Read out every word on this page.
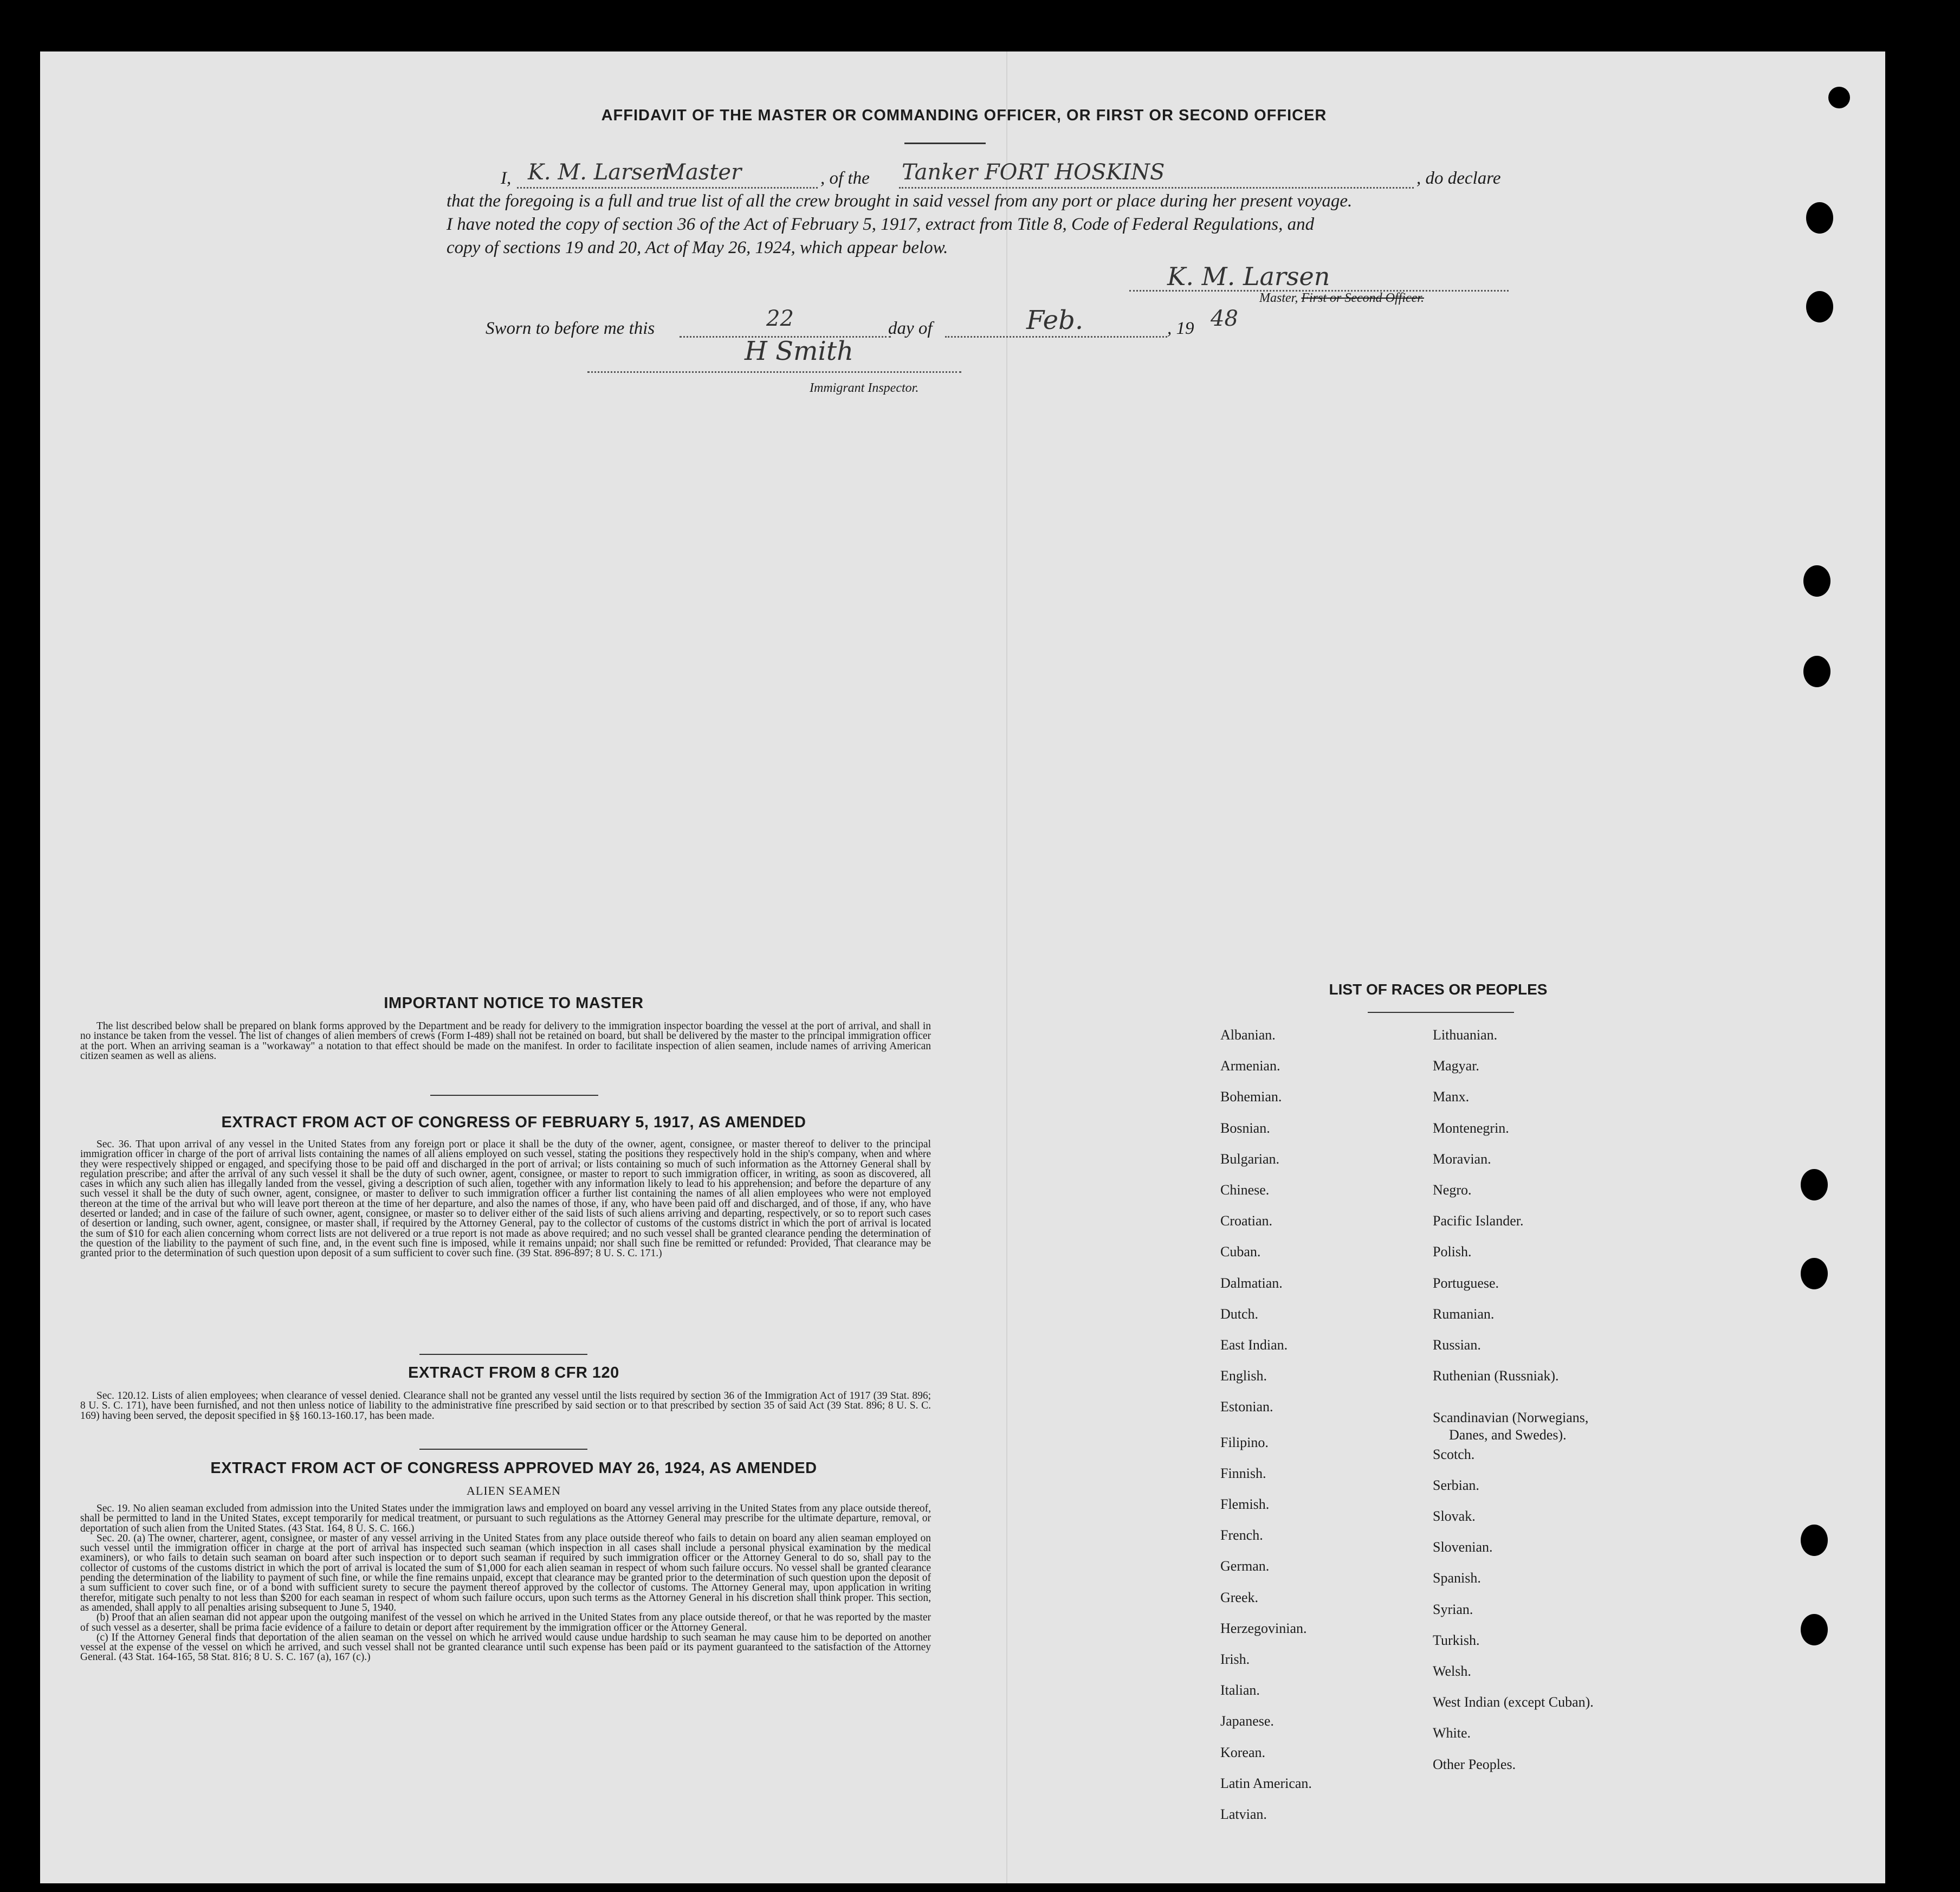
AFFIDAVIT OF THE MASTER OR COMMANDING OFFICER, OR FIRST OR SECOND OFFICER
I, K. M. Larsen
Master	, of the Tanker FORT HOSKINS	, do declare
that the foregoing is a full and true list of all the crew brought in said vessel from any port or place during her present voyage.
I have noted the copy of section 36 of the Act of February 5, 1917, extract from Title 8, Code of Federal Regulations, and
copy of sections 19 and 20, Act of May 26, 1924, which appear below.
K. M. Larsen
Master, First or Second Officer.
Sworn to before me this	22	day of	Feb.	, 19 48
H Smith
Immigrant Inspector.
IMPORTANT NOTICE TO MASTER

The list described below shall be prepared on blank forms approved by the Department and be ready for delivery to the immigration inspector boarding the vessel at the port of arrival, and shall in no instance be taken from the vessel. The list of changes of alien members of crews (Form I-489) shall not be retained on board, but shall be delivered by the master to the principal immigration officer at the port. When an arriving seaman is a "workaway" a notation to that effect should be made on the manifest. In order to facilitate inspection of alien seamen, include names of arriving American citizen seamen as well as aliens.

EXTRACT FROM ACT OF CONGRESS OF FEBRUARY 5, 1917, AS AMENDED

Sec. 36. That upon arrival of any vessel in the United States from any foreign port or place it shall be the duty of the owner, agent, consignee, or master thereof to deliver to the principal immigration officer in charge of the port of arrival lists containing the names of all aliens employed on such vessel, stating the positions they respectively hold in the ship's company, when and where they were respectively shipped or engaged, and specifying those to be paid off and discharged in the port of arrival; or lists containing so much of such information as the Attorney General shall by regulation prescribe; and after the arrival of any such vessel it shall be the duty of such owner, agent, consignee, or master to report to such immigration officer, in writing, as soon as discovered, all cases in which any such alien has illegally landed from the vessel, giving a description of such alien, together with any information likely to lead to his apprehension; and before the departure of any such vessel it shall be the duty of such owner, agent, consignee, or master to deliver to such immigration officer a further list containing the names of all alien employees who were not employed thereon at the time of the arrival but who will leave port thereon at the time of her departure, and also the names of those, if any, who have been paid off and discharged, and of those, if any, who have deserted or landed; and in case of the failure of such owner, agent, consignee, or master so to deliver either of the said lists of such aliens arriving and departing, respectively, or so to report such cases of desertion or landing, such owner, agent, consignee, or master shall, if required by the Attorney General, pay to the collector of customs of the customs district in which the port of arrival is located the sum of $10 for each alien concerning whom correct lists are not delivered or a true report is not made as above required; and no such vessel shall be granted clearance pending the determination of the question of the liability to the payment of such fine, and, in the event such fine is imposed, while it remains unpaid; nor shall such fine be remitted or refunded: Provided, That clearance may be granted prior to the determination of such question upon deposit of a sum sufficient to cover such fine. (39 Stat. 896-897; 8 U. S. C. 171.)

EXTRACT FROM 8 CFR 120

Sec. 120.12. Lists of alien employees; when clearance of vessel denied. Clearance shall not be granted any vessel until the lists required by section 36 of the Immigration Act of 1917 (39 Stat. 896; 8 U. S. C. 171), have been furnished, and not then unless notice of liability to the administrative fine prescribed by said section or to that prescribed by section 35 of said Act (39 Stat. 896; 8 U. S. C. 169) having been served, the deposit specified in §§ 160.13-160.17, has been made.

EXTRACT FROM ACT OF CONGRESS APPROVED MAY 26, 1924, AS AMENDED
ALIEN SEAMEN

Sec. 19. No alien seaman excluded from admission into the United States under the immigration laws and employed on board any vessel arriving in the United States from any place outside thereof, shall be permitted to land in the United States, except temporarily for medical treatment, or pursuant to such regulations as the Attorney General may prescribe for the ultimate departure, removal, or deportation of such alien from the United States. (43 Stat. 164, 8 U. S. C. 166.)

Sec. 20. (a) The owner, charterer, agent, consignee, or master of any vessel arriving in the United States from any place outside thereof who fails to detain on board any alien seaman employed on such vessel until the immigration officer in charge at the port of arrival has inspected such seaman (which inspection in all cases shall include a personal physical examination by the medical examiners), or who fails to detain such seaman on board after such inspection or to deport such seaman if required by such immigration officer or the Attorney General to do so, shall pay to the collector of customs of the customs district in which the port of arrival is located the sum of $1,000 for each alien seaman in respect of whom such failure occurs. No vessel shall be granted clearance pending the determination of the liability to payment of such fine, or while the fine remains unpaid, except that clearance may be granted prior to the determination of such question upon the deposit of a sum sufficient to cover such fine, or of a bond with sufficient surety to secure the payment thereof approved by the collector of customs. The Attorney General may, upon application in writing therefor, mitigate such penalty to not less than $200 for each seaman in respect of whom such failure occurs, upon such terms as the Attorney General in his discretion shall think proper. This section, as amended, shall apply to all penalties arising subsequent to June 5, 1940.

(b) Proof that an alien seaman did not appear upon the outgoing manifest of the vessel on which he arrived in the United States from any place outside thereof, or that he was reported by the master of such vessel as a deserter, shall be prima facie evidence of a failure to detain or deport after requirement by the immigration officer or the Attorney General.

(c) If the Attorney General finds that deportation of the alien seaman on the vessel on which he arrived would cause undue hardship to such seaman he may cause him to be deported on another vessel at the expense of the vessel on which he arrived, and such vessel shall not be granted clearance until such expense has been paid or its payment guaranteed to the satisfaction of the Attorney General. (43 Stat. 164-165, 58 Stat. 816; 8 U. S. C. 167 (a), 167 (c).)

LIST OF RACES OR PEOPLES
Albanian.
Armenian.
Bohemian.
Bosnian.
Bulgarian.
Chinese.
Croatian.
Cuban.
Dalmatian.
Dutch.
East Indian.
English.
Estonian.
Filipino.
Finnish.
Flemish.
French.
German.
Greek.
Herzegovinian.
Irish.
Italian.
Japanese.
Korean.
Latin American.
Latvian.
Lithuanian.
Magyar.
Manx.
Montenegrin.
Moravian.
Negro.
Pacific Islander.
Polish.
Portuguese.
Rumanian.
Russian.
Ruthenian (Russniak).
Scandinavian (Norwegians,
Danes, and Swedes).
Scotch.
Serbian.
Slovak.
Slovenian.
Spanish.
Syrian.
Turkish.
Welsh.
West Indian (except Cuban).
White.
Other Peoples.
